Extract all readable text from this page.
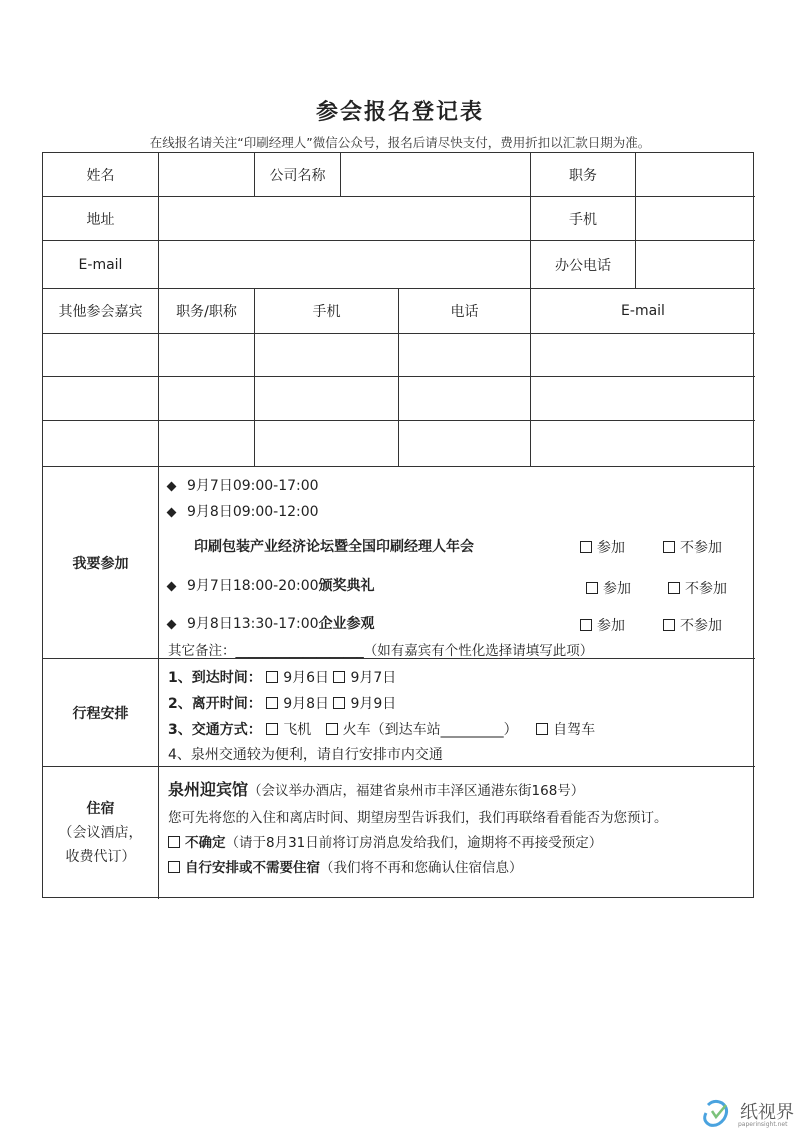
参会报名登记表
在线报名请关注“印刷经理人”微信公众号，报名后请尽快支付，费用折扣以汇款日期为准。
姓名	公司名称	职务
地址	手机
E-mail	办公电话
其他参会嘉宾	职务/职称	手机	电话	E-mail
我要参加
9月7日09:00-17:00
9月8日09:00-12:00
印刷包装产业经济论坛暨全国印刷经理人年会	参加	不参加
9月7日18:00-20:00颁奖典礼	参加	不参加
9月8日13:30-17:00企业参观	参加	不参加
其它备注：___________________（如有嘉宾有个性化选择请填写此项）
行程安排
1、到达时间： 9月6日 9月7日
2、离开时间： 9月8日 9月9日
3、交通方式： 飞机 火车（到达车站_________）	自驾车
4、泉州交通较为便利，请自行安排市内交通
住宿
（会议酒店，
收费代订）
泉州迎宾馆（会议举办酒店，福建省泉州市丰泽区通港东街168号）
您可先将您的入住和离店时间、期望房型告诉我们，我们再联络看看能否为您预订。
不确定（请于8月31日前将订房消息发给我们，逾期将不再接受预定）
自行安排或不需要住宿（我们将不再和您确认住宿信息）
纸视界
paperinsight.net
